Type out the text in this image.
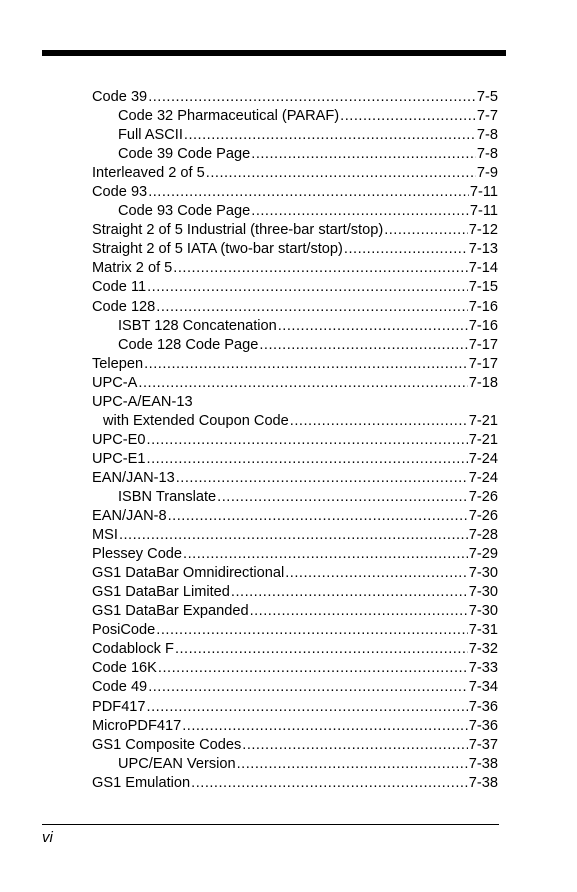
Code 39 .....	7-5
Code 32 Pharmaceutical (PARAF) .....	7-7
Full ASCII .....	7-8
Code 39 Code Page .....	7-8
Interleaved 2 of 5 .....	7-9
Code 93 .....	7-11
Code 93 Code Page .....	7-11
Straight 2 of 5 Industrial (three-bar start/stop) .....	7-12
Straight 2 of 5 IATA (two-bar start/stop) .....	7-13
Matrix 2 of 5 .....	7-14
Code 11 .....	7-15
Code 128 .....	7-16
ISBT 128 Concatenation .....	7-16
Code 128 Code Page .....	7-17
Telepen .....	7-17
UPC-A .....	7-18
UPC-A/EAN-13
with Extended Coupon Code .....	7-21
UPC-E0 .....	7-21
UPC-E1 .....	7-24
EAN/JAN-13 .....	7-24
ISBN Translate .....	7-26
EAN/JAN-8 .....	7-26
MSI .....	7-28
Plessey Code .....	7-29
GS1 DataBar Omnidirectional .....	7-30
GS1 DataBar Limited .....	7-30
GS1 DataBar Expanded .....	7-30
PosiCode .....	7-31
Codablock F .....	7-32
Code 16K .....	7-33
Code 49 .....	7-34
PDF417 .....	7-36
MicroPDF417 .....	7-36
GS1 Composite Codes .....	7-37
UPC/EAN Version .....	7-38
GS1 Emulation .....	7-38
vi
